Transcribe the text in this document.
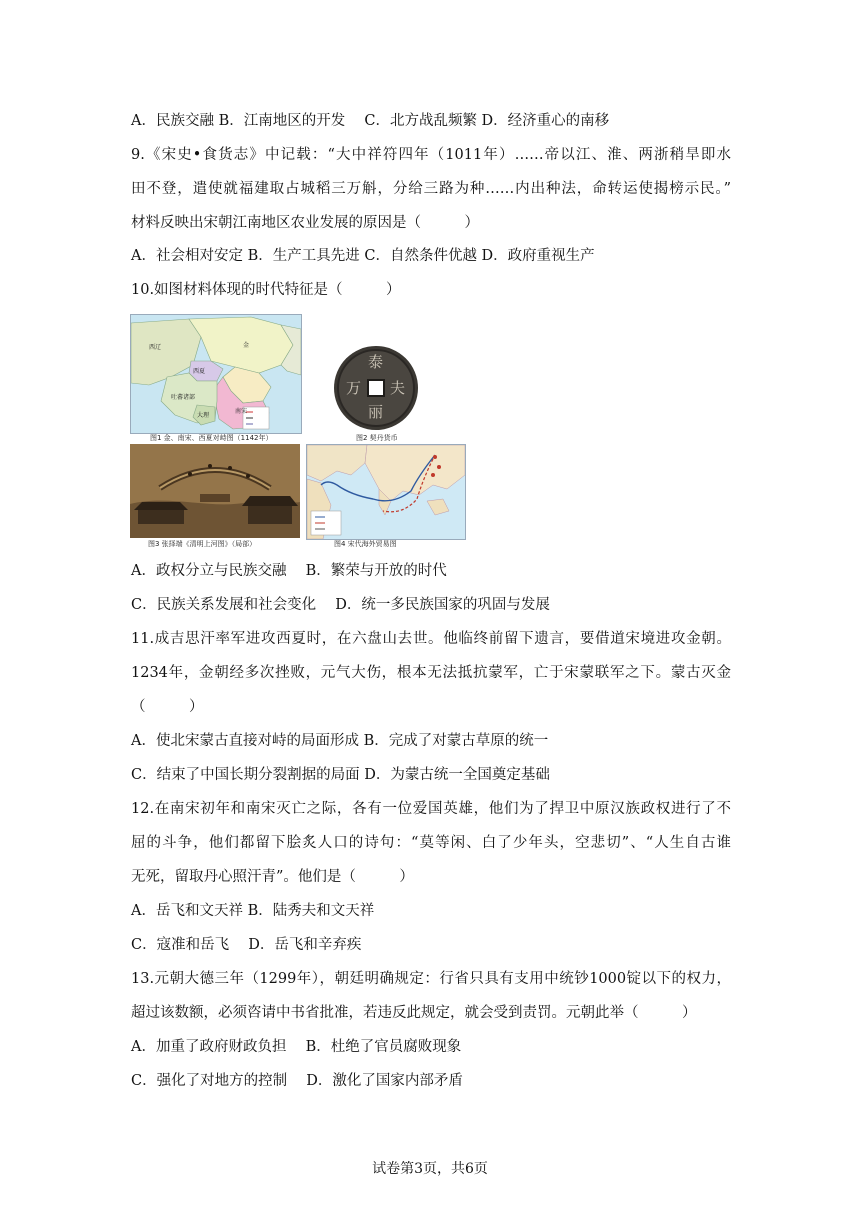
A．民族交融 B．江南地区的开发 　C．北方战乱频繁 D．经济重心的南移
9.《宋史•食货志》中记载：“大中祥符四年（1011年）……帝以江、淮、两浙稍旱即水
田不登，遣使就福建取占城稻三万斛，分给三路为种……内出种法，命转运使揭榜示民。”
材料反映出宋朝江南地区农业发展的原因是（　　　）
A．社会相对安定 B．生产工具先进 C．自然条件优越 D．政府重视生产
10.如图材料体现的时代特征是（　　　）
西辽
西夏
金
南宋
大理
吐蕃诸部
图1 金、南宋、西夏对峙图（1142年）
泰
夫
万
丽
图2 契丹货币
图3 张择端《清明上河图》（局部）	图4 宋代海外贸易图
A．政权分立与民族交融　 B．繁荣与开放的时代
C．民族关系发展和社会变化　 D．统一多民族国家的巩固与发展
11.成吉思汗率军进攻西夏时，在六盘山去世。他临终前留下遗言，要借道宋境进攻金朝。
1234年，金朝经多次挫败，元气大伤，根本无法抵抗蒙军，亡于宋蒙联军之下。蒙古灭金
（　　　）
A．使北宋蒙古直接对峙的局面形成 B．完成了对蒙古草原的统一
C．结束了中国长期分裂割据的局面 D．为蒙古统一全国奠定基础
12.在南宋初年和南宋灭亡之际，各有一位爱国英雄，他们为了捍卫中原汉族政权进行了不
屈的斗争，他们都留下脍炙人口的诗句：“莫等闲、白了少年头，空悲切”、“人生自古谁
无死，留取丹心照汗青”。他们是（　　　）
A．岳飞和文天祥 B．陆秀夫和文天祥
C．寇准和岳飞　 D．岳飞和辛弃疾
13.元朝大德三年（1299年），朝廷明确规定：行省只具有支用中统钞1000锭以下的权力，
超过该数额，必须咨请中书省批准，若违反此规定，就会受到责罚。元朝此举（　　　）
A．加重了政府财政负担　 B．杜绝了官员腐败现象
C．强化了对地方的控制　 D．激化了国家内部矛盾
试卷第3页，共6页
